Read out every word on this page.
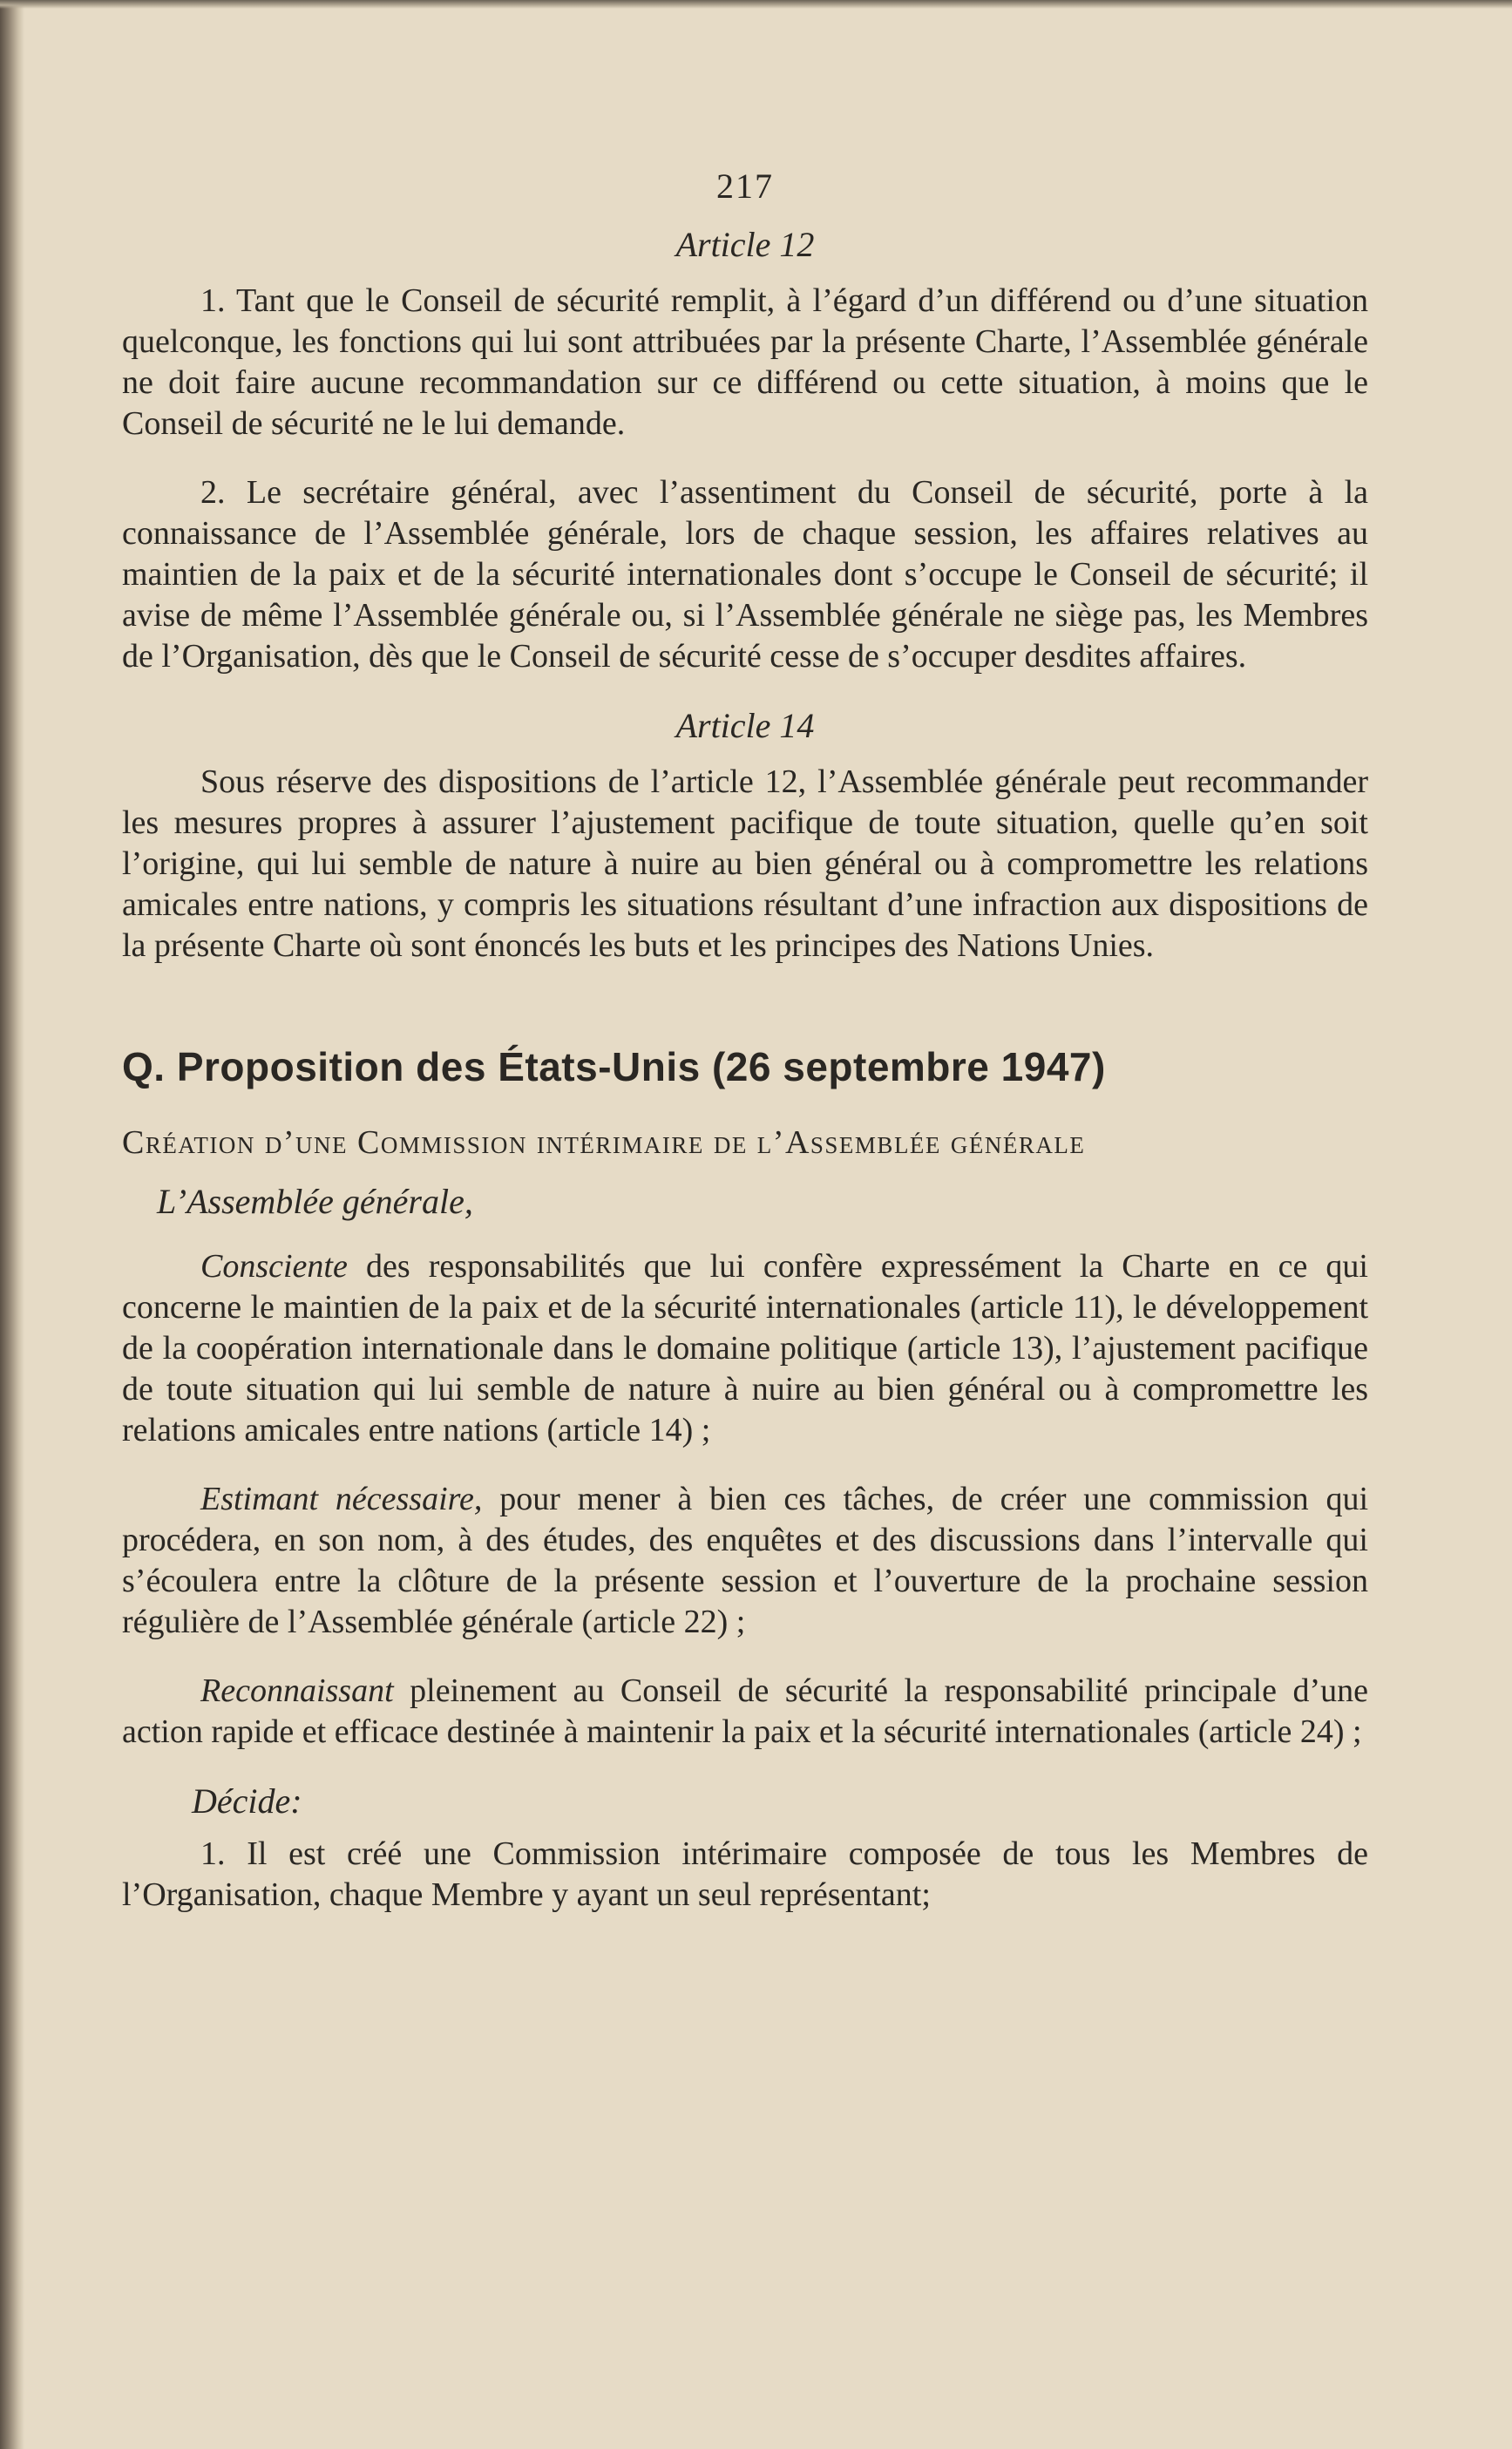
217
Article 12

1. Tant que le Conseil de sécurité remplit, à l’égard d’un différend ou d’une situation quelconque, les fonctions qui lui sont attribuées par la présente Charte, l’Assemblée générale ne doit faire aucune recommandation sur ce différend ou cette situation, à moins que le Conseil de sécurité ne le lui demande.

2. Le secrétaire général, avec l’assentiment du Conseil de sécurité, porte à la connaissance de l’Assemblée générale, lors de chaque session, les affaires relatives au maintien de la paix et de la sécurité internationales dont s’occupe le Conseil de sécurité; il avise de même l’Assemblée générale ou, si l’Assemblée générale ne siège pas, les Membres de l’Organisation, dès que le Conseil de sécurité cesse de s’occuper desdites affaires.

Article 14

Sous réserve des dispositions de l’article 12, l’Assemblée générale peut recommander les mesures propres à assurer l’ajustement pacifique de toute situation, quelle qu’en soit l’origine, qui lui semble de nature à nuire au bien général ou à compromettre les relations amicales entre nations, y compris les situations résultant d’une infraction aux dispositions de la présente Charte où sont énoncés les buts et les principes des Nations Unies.

Q. Proposition des États-Unis (26 septembre 1947)
Création d’une Commission intérimaire de l’Assemblée générale
L’Assemblée générale,

Consciente des responsabilités que lui confère expressément la Charte en ce qui concerne le maintien de la paix et de la sécurité internationales (article 11), le développement de la coopération internationale dans le domaine politique (article 13), l’ajustement pacifique de toute situation qui lui semble de nature à nuire au bien général ou à compromettre les relations amicales entre nations (article 14) ;

Estimant nécessaire, pour mener à bien ces tâches, de créer une commission qui procédera, en son nom, à des études, des enquêtes et des discussions dans l’intervalle qui s’écoulera entre la clôture de la présente session et l’ouverture de la prochaine session régulière de l’Assemblée générale (article 22) ;

Reconnaissant pleinement au Conseil de sécurité la responsabilité principale d’une action rapide et efficace destinée à maintenir la paix et la sécurité internationales (article 24) ;

Décide:

1. Il est créé une Commission intérimaire composée de tous les Membres de l’Organisation, chaque Membre y ayant un seul représentant;
